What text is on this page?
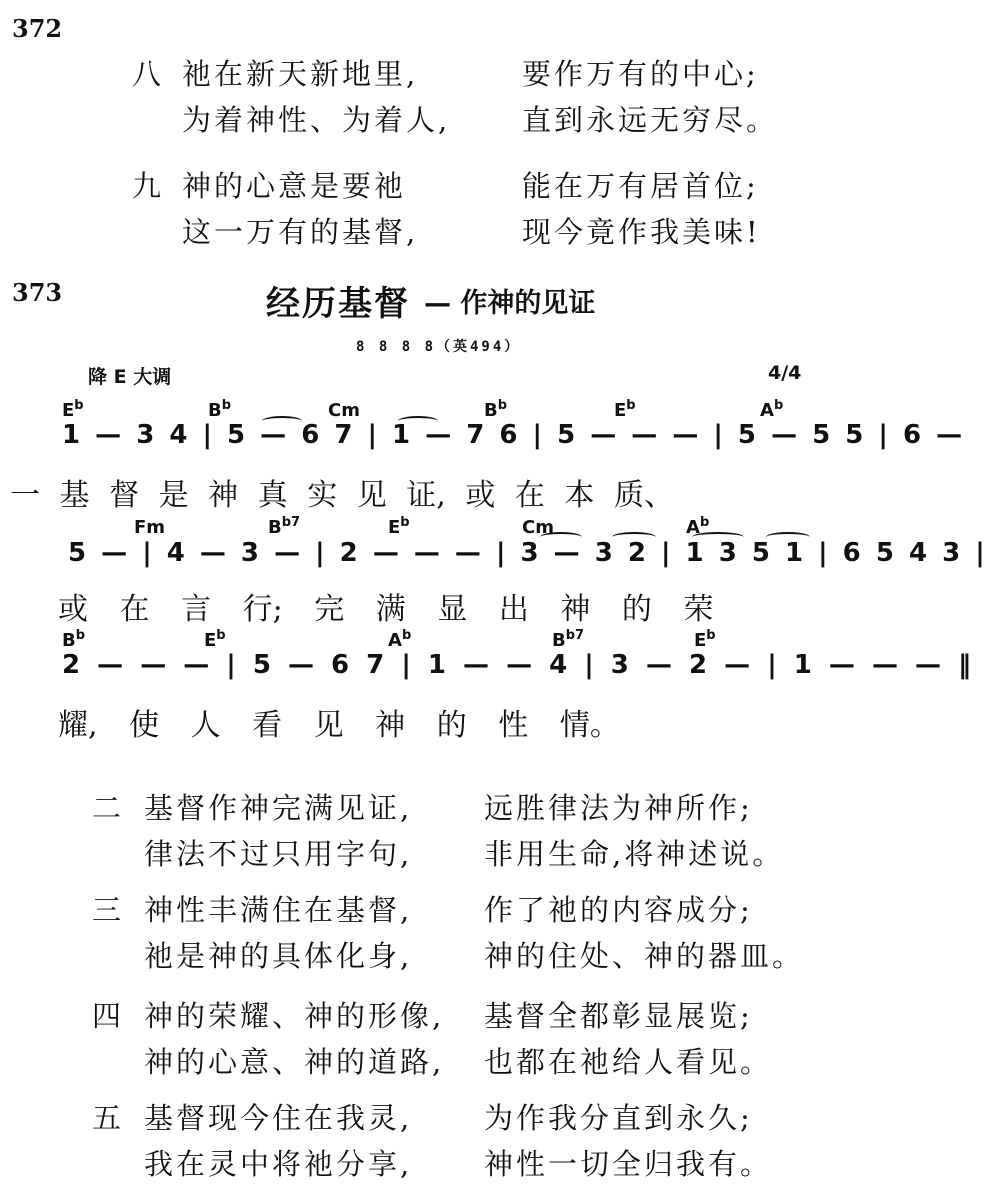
372
八 祂在新天新地里,	要作万有的中心;
为着神性、为着人, 直到永远无穷尽。
九 神的心意是要祂	能在万有居首位;
这一万有的基督,	现今竟作我美味!
373	经历基督 — 作神的见证
8 8 8 8（英494）
降 E 大调	4/4
$E^b$	$B^b$	Cm	$B^b$	$E^b$	$A^b$
1 — 3 4 | 5 — 6 7 | 1 — 7 6 | 5 — — — | 5 — 5 5 | 6 —
一 基 督 是 神 真 实 见 证, 或 在 本 质、
Fm	$B^{b7}$	$E^b$	Cm	$A^b$
5 — | 4 — 3 — | 2 — — — | 3 — 3 2 | 1 3 5 1 | 6 5 4 3 |
或 在 言 行; 完 满 显 出 神 的 荣
$B^b$	$E^b$	$A^b$	$B^{b7}$	$E^b$
2 — — — | 5 — 6 7 | 1 — — 4 | 3 — 2 — | 1 — — — ‖
耀, 使 人 看 见 神 的 性 情。
二 基督作神完满见证, 远胜律法为神所作;
律法不过只用字句, 非用生命,将神述说。
三 神性丰满住在基督, 作了祂的内容成分;
祂是神的具体化身, 神的住处、神的器皿。
四 神的荣耀、神的形像, 基督全都彰显展览;
神的心意、神的道路, 也都在祂给人看见。
五 基督现今住在我灵, 为作我分直到永久;
我在灵中将祂分享, 神性一切全归我有。
